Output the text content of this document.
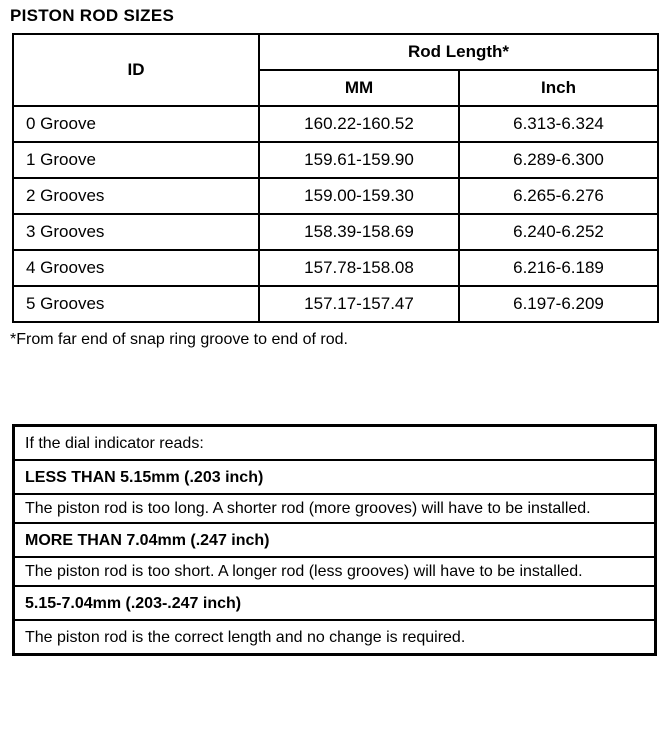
PISTON ROD SIZES
ID	Rod Length*	
	MM	Inch
0 Groove	160.22-160.52	6.313-6.324
1 Groove	159.61-159.90	6.289-6.300
2 Grooves	159.00-159.30	6.265-6.276
3 Grooves	158.39-158.69	6.240-6.252
4 Grooves	157.78-158.08	6.216-6.189
5 Grooves	157.17-157.47	6.197-6.209
*From far end of snap ring groove to end of rod.
If the dial indicator reads:
LESS THAN 5.15mm (.203 inch)
The piston rod is too long. A shorter rod (more grooves) will have to be installed.
MORE THAN 7.04mm (.247 inch)
The piston rod is too short. A longer rod (less grooves) will have to be installed.
5.15-7.04mm (.203-.247 inch)
The piston rod is the correct length and no change is required.
